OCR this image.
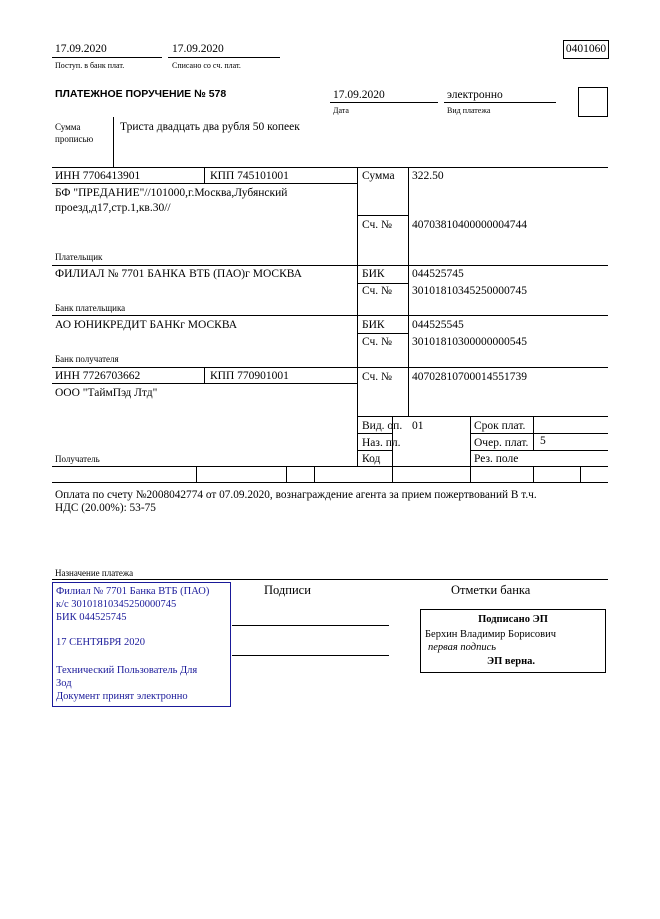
17.09.2020
Поступ. в банк плат.
17.09.2020
Списано со сч. плат.
0401060
ПЛАТЕЖНОЕ ПОРУЧЕНИЕ № 578	17.09.2020
Дата
электронно
Вид платежа
Сумма
прописью
Триста двадцать два рубля 50 копеек
ИНН 7706413901	КПП 745101001
БФ "ПРЕДАНИЕ"//101000,г.Москва,Лубянский
проезд,д17,стр.1,кв.30//
Плательщик
Сумма 322.50
Сч. № 40703810400000004744
ФИЛИАЛ № 7701 БАНКА ВТБ (ПАО)г МОСКВА
Банк плательщика
БИК 044525745
Сч. № 30101810345250000745
АО ЮНИКРЕДИТ БАНКг МОСКВА
Банк получателя
БИК 044525545
Сч. № 30101810300000000545
ИНН 7726703662	КПП 770901001
ООО "ТаймПэд Лтд"
Получатель
Сч. № 40702810700014551739
Вид. оп. 01
Наз. пл.
Код
Срок плат.
Очер. плат. 5
Рез. поле
Оплата по счету №2008042774 от 07.09.2020, вознаграждение агента за прием пожертвований В т.ч.
НДС (20.00%): 53-75
Назначение платежа
Филиал № 7701 Банка ВТБ (ПАО)
к/с 30101810345250000745
БИК 044525745
17 СЕНТЯБРЯ 2020
Технический Пользователь Для
Зод
Документ принят электронно
Подписи	Отметки банка
Подписано ЭП
Берхин Владимир Борисович
первая подпись
ЭП верна.
